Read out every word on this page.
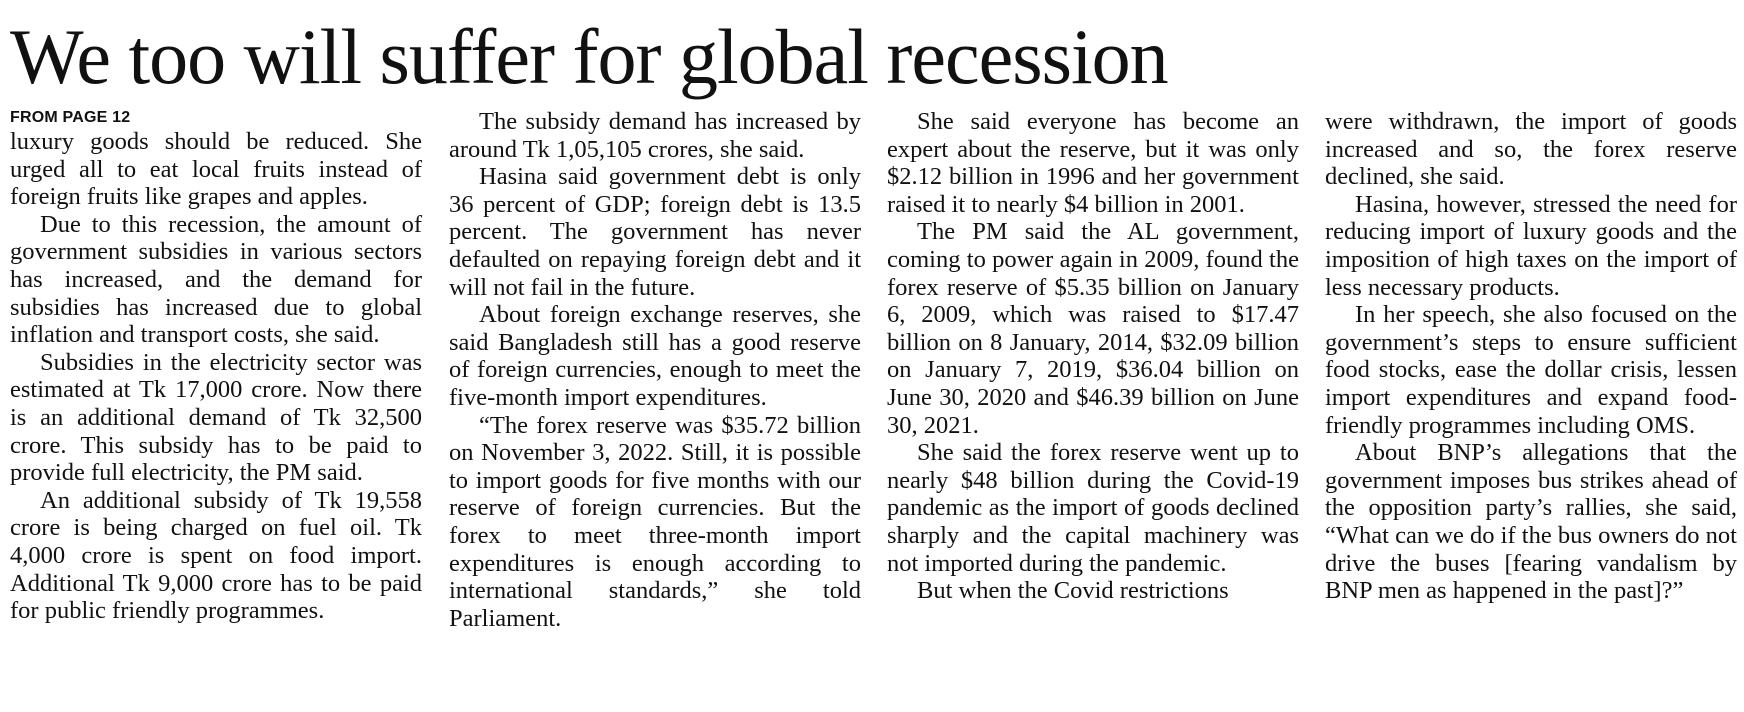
We too will suffer for global recession
FROM PAGE 12

luxury goods should be reduced. She urged all to eat local fruits instead of foreign fruits like grapes and apples.

Due to this recession, the amount of government subsidies in various sectors has increased, and the demand for subsidies has increased due to global inflation and transport costs, she said.

Subsidies in the electricity sector was estimated at Tk 17,000 crore. Now there is an additional demand of Tk 32,500 crore. This subsidy has to be paid to provide full electricity, the PM said.

An additional subsidy of Tk 19,558 crore is being charged on fuel oil. Tk 4,000 crore is spent on food import. Additional Tk 9,000 crore has to be paid for public friendly programmes.

The subsidy demand has increased by around Tk 1,05,105 crores, she said.

Hasina said government debt is only 36 percent of GDP; foreign debt is 13.5 percent. The government has never defaulted on repaying foreign debt and it will not fail in the future.

About foreign exchange reserves, she said Bangladesh still has a good reserve of foreign currencies, enough to meet the five-month import expenditures.

“The forex reserve was $35.72 billion on November 3, 2022. Still, it is possible to import goods for five months with our reserve of foreign currencies. But the forex to meet three-month import expenditures is enough according to international standards,” she told Parliament.

She said everyone has become an expert about the reserve, but it was only $2.12 billion in 1996 and her government raised it to nearly $4 billion in 2001.

The PM said the AL government, coming to power again in 2009, found the forex reserve of $5.35 billion on January 6, 2009, which was raised to $17.47 billion on 8 January, 2014, $32.09 billion on January 7, 2019, $36.04 billion on June 30, 2020 and $46.39 billion on June 30, 2021.

She said the forex reserve went up to nearly $48 billion during the Covid-19 pandemic as the import of goods declined sharply and the capital machinery was not imported during the pandemic.

But when the Covid restrictions

were withdrawn, the import of goods increased and so, the forex reserve declined, she said.

Hasina, however, stressed the need for reducing import of luxury goods and the imposition of high taxes on the import of less necessary products.

In her speech, she also focused on the government’s steps to ensure sufficient food stocks, ease the dollar crisis, lessen import expenditures and expand food-friendly programmes including OMS.

About BNP’s allegations that the government imposes bus strikes ahead of the opposition party’s rallies, she said, “What can we do if the bus owners do not drive the buses [fearing vandalism by BNP men as happened in the past]?”
